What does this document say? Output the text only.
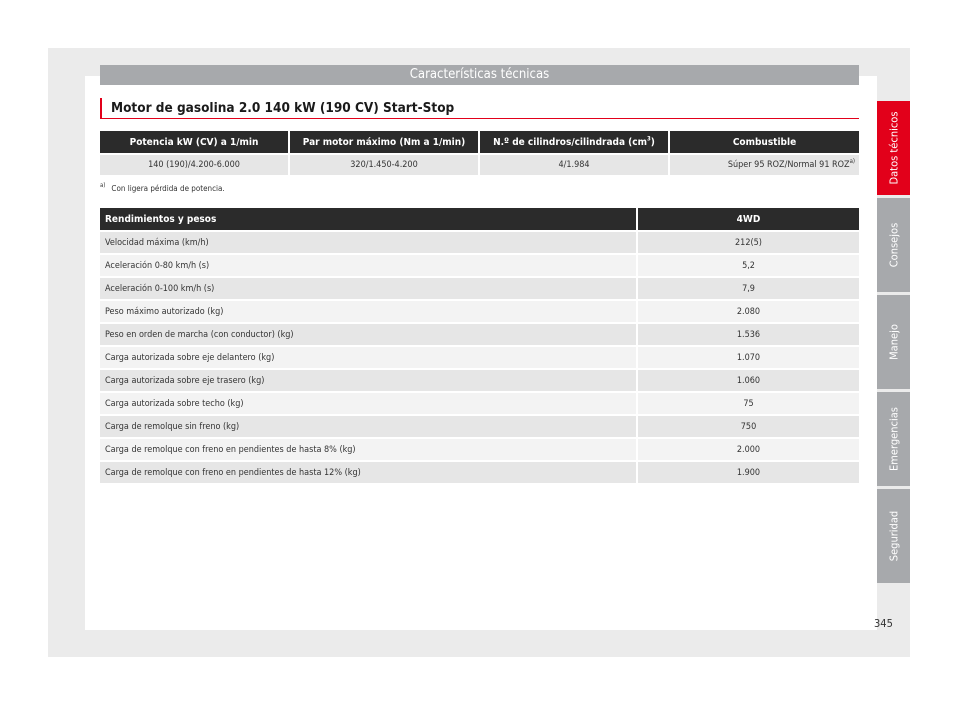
Características técnicas
Motor de gasolina 2.0 140 kW (190 CV) Start-Stop
Potencia kW (CV) a 1/min	Par motor máximo (Nm a 1/min)	N.º de cilindros/cilindrada $(cm^3)$	Combustible
140 (190)/4.200-6.000	320/1.450-4.200	4/1.984	Súper 95 ROZ/Normal 91 ROZ$^{a)}$
$^{a)}$ Con ligera pérdida de potencia.
Rendimientos y pesos	4WD
Velocidad máxima (km/h)	212(5)
Aceleración 0-80 km/h (s)	5,2
Aceleración 0-100 km/h (s)	7,9
Peso máximo autorizado (kg)	2.080
Peso en orden de marcha (con conductor) (kg)	1.536
Carga autorizada sobre eje delantero (kg)	1.070
Carga autorizada sobre eje trasero (kg)	1.060
Carga autorizada sobre techo (kg)	75
Carga de remolque sin freno (kg)	750
Carga de remolque con freno en pendientes de hasta 8% (kg)	2.000
Carga de remolque con freno en pendientes de hasta 12% (kg)	1.900
Datos técnicos
Consejos
Manejo
Emergencias
Seguridad
345
